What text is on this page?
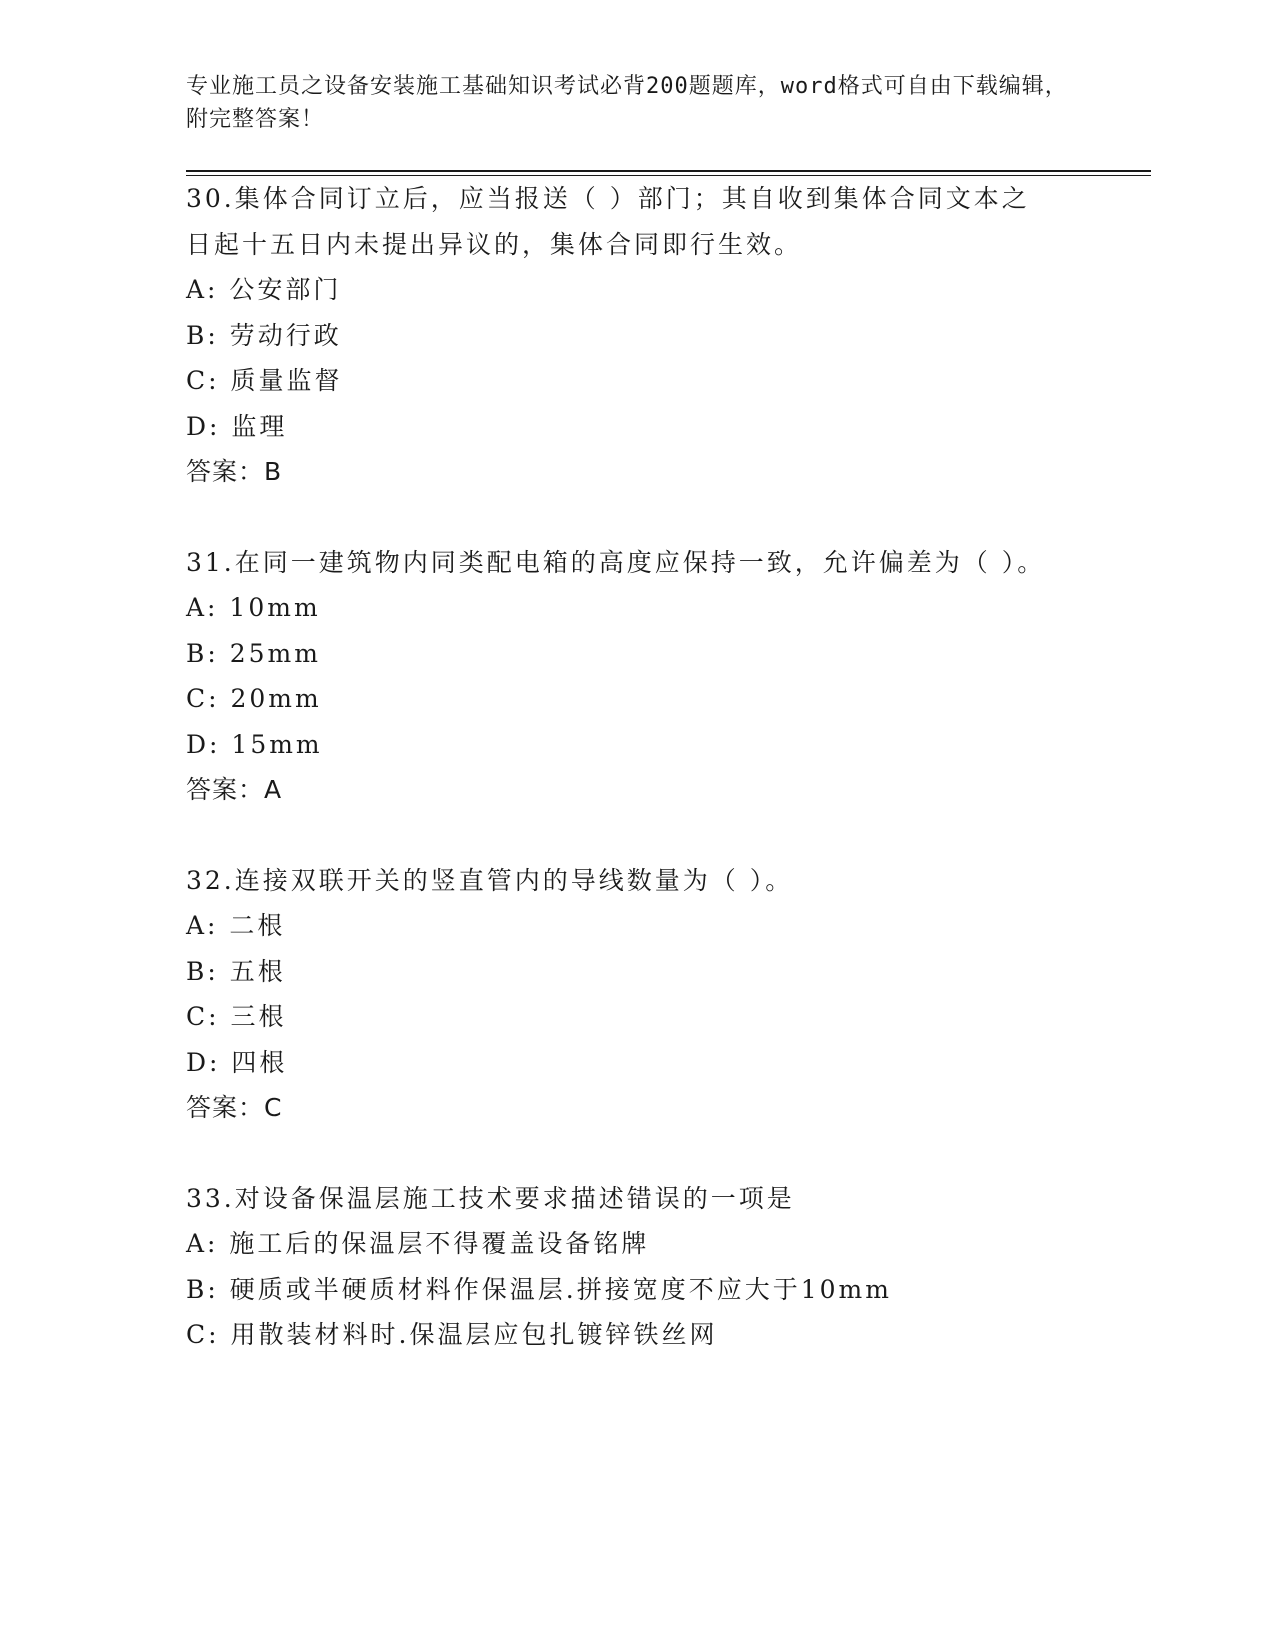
专业施工员之设备安装施工基础知识考试必背200题题库，word格式可自由下载编辑，附完整答案！
30.集体合同订立后，应当报送（ ）部门；其自收到集体合同文本之日起十五日内未提出异议的，集体合同即行生效。
A: 公安部门
B: 劳动行政
C: 质量监督
D: 监理
答案：B
31.在同一建筑物内同类配电箱的高度应保持一致，允许偏差为（ ）。
A: 10mm
B: 25mm
C: 20mm
D: 15mm
答案：A
32.连接双联开关的竖直管内的导线数量为（ ）。
A: 二根
B: 五根
C: 三根
D: 四根
答案：C
33.对设备保温层施工技术要求描述错误的一项是
A: 施工后的保温层不得覆盖设备铭牌
B: 硬质或半硬质材料作保温层.拼接宽度不应大于10mm
C: 用散装材料时.保温层应包扎镀锌铁丝网
